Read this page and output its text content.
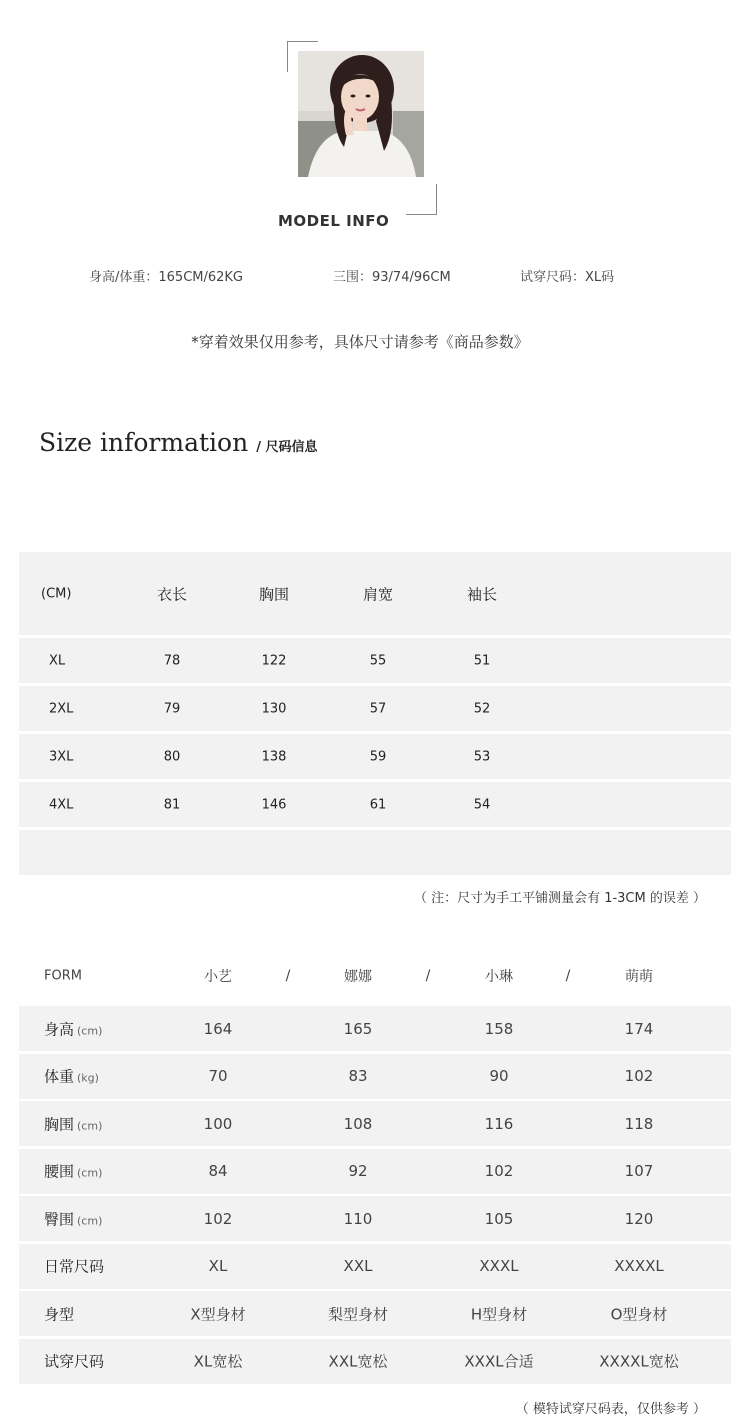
MODEL INFO
身高/体重：165CM/62KG	三围：93/74/96CM	试穿尺码：XL码
*穿着效果仅用参考，具体尺寸请参考《商品参数》
Size information / 尺码信息
(CM)	衣长	胸围	肩宽	袖长
XL	78	122	55	51
2XL	79	130	57	52
3XL	80	138	59	53
4XL	81	146	61	54
（ 注：尺寸为手工平铺测量会有 1-3CM 的误差 ）
FORM	小艺	/	娜娜	/	小琳	/	萌萌
身高 (cm)	164	165	158	174
体重 (kg)	70	83	90	102
胸围 (cm)	100	108	116	118
腰围 (cm)	84	92	102	107
臀围 (cm)	102	110	105	120
日常尺码	XL	XXL	XXXL	XXXXL
身型	X型身材	梨型身材	H型身材	O型身材
试穿尺码	XL宽松	XXL宽松	XXXL合适	XXXXL宽松
（ 模特试穿尺码表，仅供参考 ）
